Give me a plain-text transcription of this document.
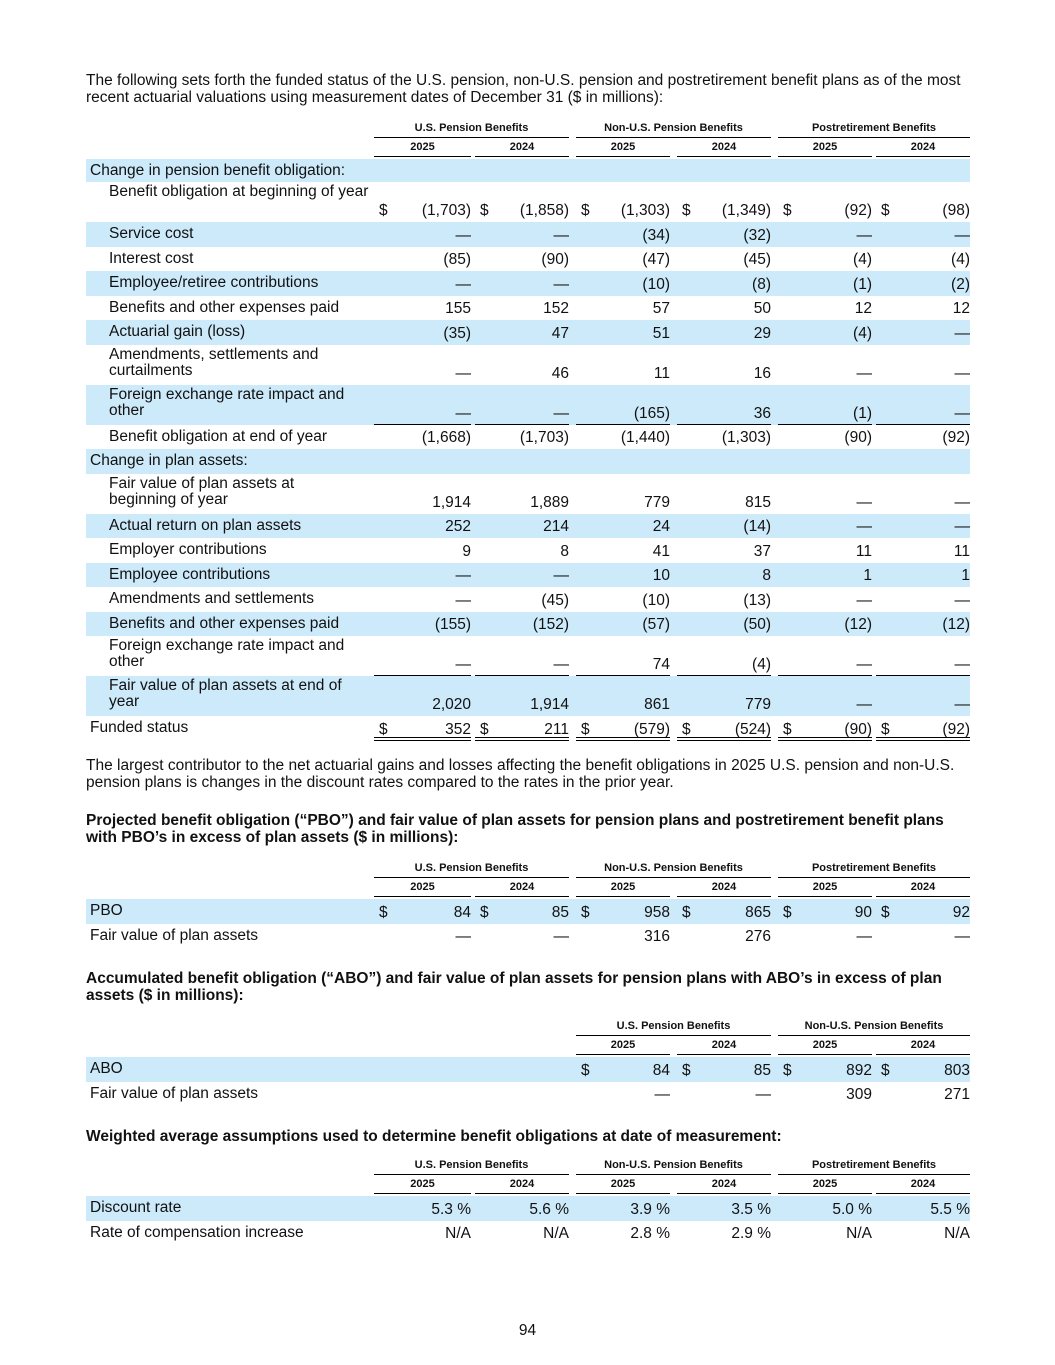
The following sets forth the funded status of the U.S. pension, non-U.S. pension and postretirement benefit plans as of the most recent actuarial valuations using measurement dates of December 31 ($ in millions):

U.S. Pension Benefits	Non-U.S. Pension Benefits	Postretirement Benefits
2025	2024	2025	2024	2025	2024
Change in pension benefit obligation:
Benefit obligation at beginning of year
$ (1,703) $ (1,858) $ (1,303) $ (1,349) $	(92) $	(98)
Service cost	—	—	(34)	(32)	—	—
Interest cost	(85)	(90)	(47)	(45)	(4)	(4)
Employee/retiree contributions	—	—	(10)	(8)	(1)	(2)
Benefits and other expenses paid	155	152	57	50	12	12
Actuarial gain (loss)	(35)	47	51	29	(4)	—
Amendments, settlements and curtailments	—	46	11	16	—	—
Foreign exchange rate impact and other	—	—	(165)	36	(1)	—
Benefit obligation at end of year	(1,668)	(1,703)	(1,440)	(1,303)	(90)	(92)
Change in plan assets:
Fair value of plan assets at beginning of year	1,914	1,889	779	815	—	—
Actual return on plan assets	252	214	24	(14)	—	—
Employer contributions	9	8	41	37	11	11
Employee contributions	—	—	10	8	1	1
Amendments and settlements	—	(45)	(10)	(13)	—	—
Benefits and other expenses paid	(155)	(152)	(57)	(50)	(12)	(12)
Foreign exchange rate impact and other	—	—	74	(4)	—	—
Fair value of plan assets at end of year	2,020	1,914	861	779	—	—
Funded status	$	352 $	211 $	(579) $	(524) $	(90) $	(92)

The largest contributor to the net actuarial gains and losses affecting the benefit obligations in 2025 U.S. pension and non-U.S. pension plans is changes in the discount rates compared to the rates in the prior year.

Projected benefit obligation (“PBO”) and fair value of plan assets for pension plans and postretirement benefit plans with PBO’s in excess of plan assets ($ in millions):

U.S. Pension Benefits	Non-U.S. Pension Benefits	Postretirement Benefits
2025	2024	2025	2024	2025	2024
PBO	$	84 $	85 $	958 $	865 $	90 $	92
Fair value of plan assets	—	—	316	276	—	—

Accumulated benefit obligation (“ABO”) and fair value of plan assets for pension plans with ABO’s in excess of plan assets ($ in millions):

U.S. Pension Benefits	Non-U.S. Pension Benefits
2025	2024	2025	2024
ABO	$	84 $	85 $	892 $	803
Fair value of plan assets	—	—	309	271

Weighted average assumptions used to determine benefit obligations at date of measurement:

U.S. Pension Benefits	Non-U.S. Pension Benefits	Postretirement Benefits
2025	2024	2025	2024	2025	2024
Discount rate	5.3 %	5.6 %	3.9 %	3.5 %	5.0 %	5.5 %
Rate of compensation increase	N/A	N/A	2.8 %	2.9 %	N/A	N/A
94
